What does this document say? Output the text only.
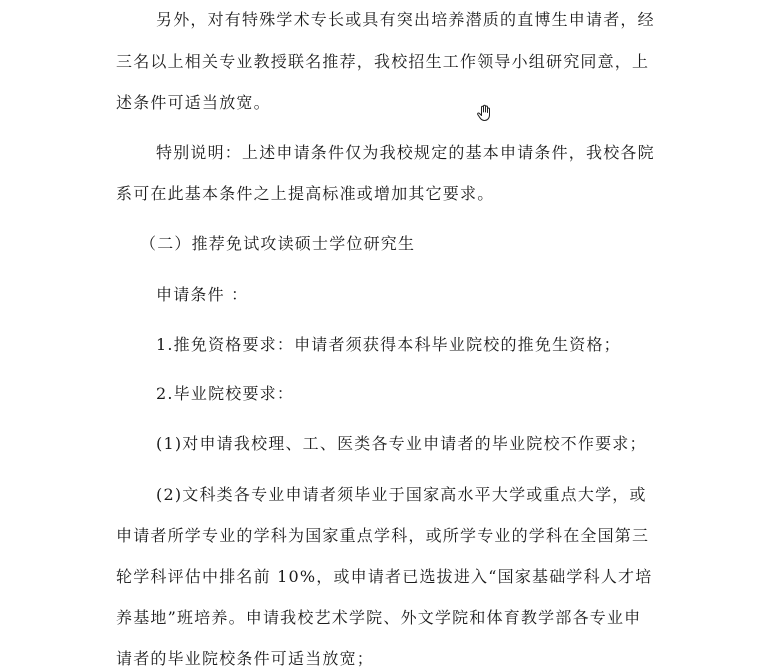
另外，对有特殊学术专长或具有突出培养潜质的直博生申请者，经
三名以上相关专业教授联名推荐，我校招生工作领导小组研究同意，上
述条件可适当放宽。
特别说明：上述申请条件仅为我校规定的基本申请条件，我校各院
系可在此基本条件之上提高标准或增加其它要求。
（二）推荐免试攻读硕士学位研究生
申请条件 ：
1.推免资格要求：申请者须获得本科毕业院校的推免生资格；
2.毕业院校要求：
(1)对申请我校理、工、医类各专业申请者的毕业院校不作要求；
(2)文科类各专业申请者须毕业于国家高水平大学或重点大学，或
申请者所学专业的学科为国家重点学科，或所学专业的学科在全国第三
轮学科评估中排名前 10%，或申请者已选拔进入“国家基础学科人才培
养基地”班培养。申请我校艺术学院、外文学院和体育教学部各专业申
请者的毕业院校条件可适当放宽；
